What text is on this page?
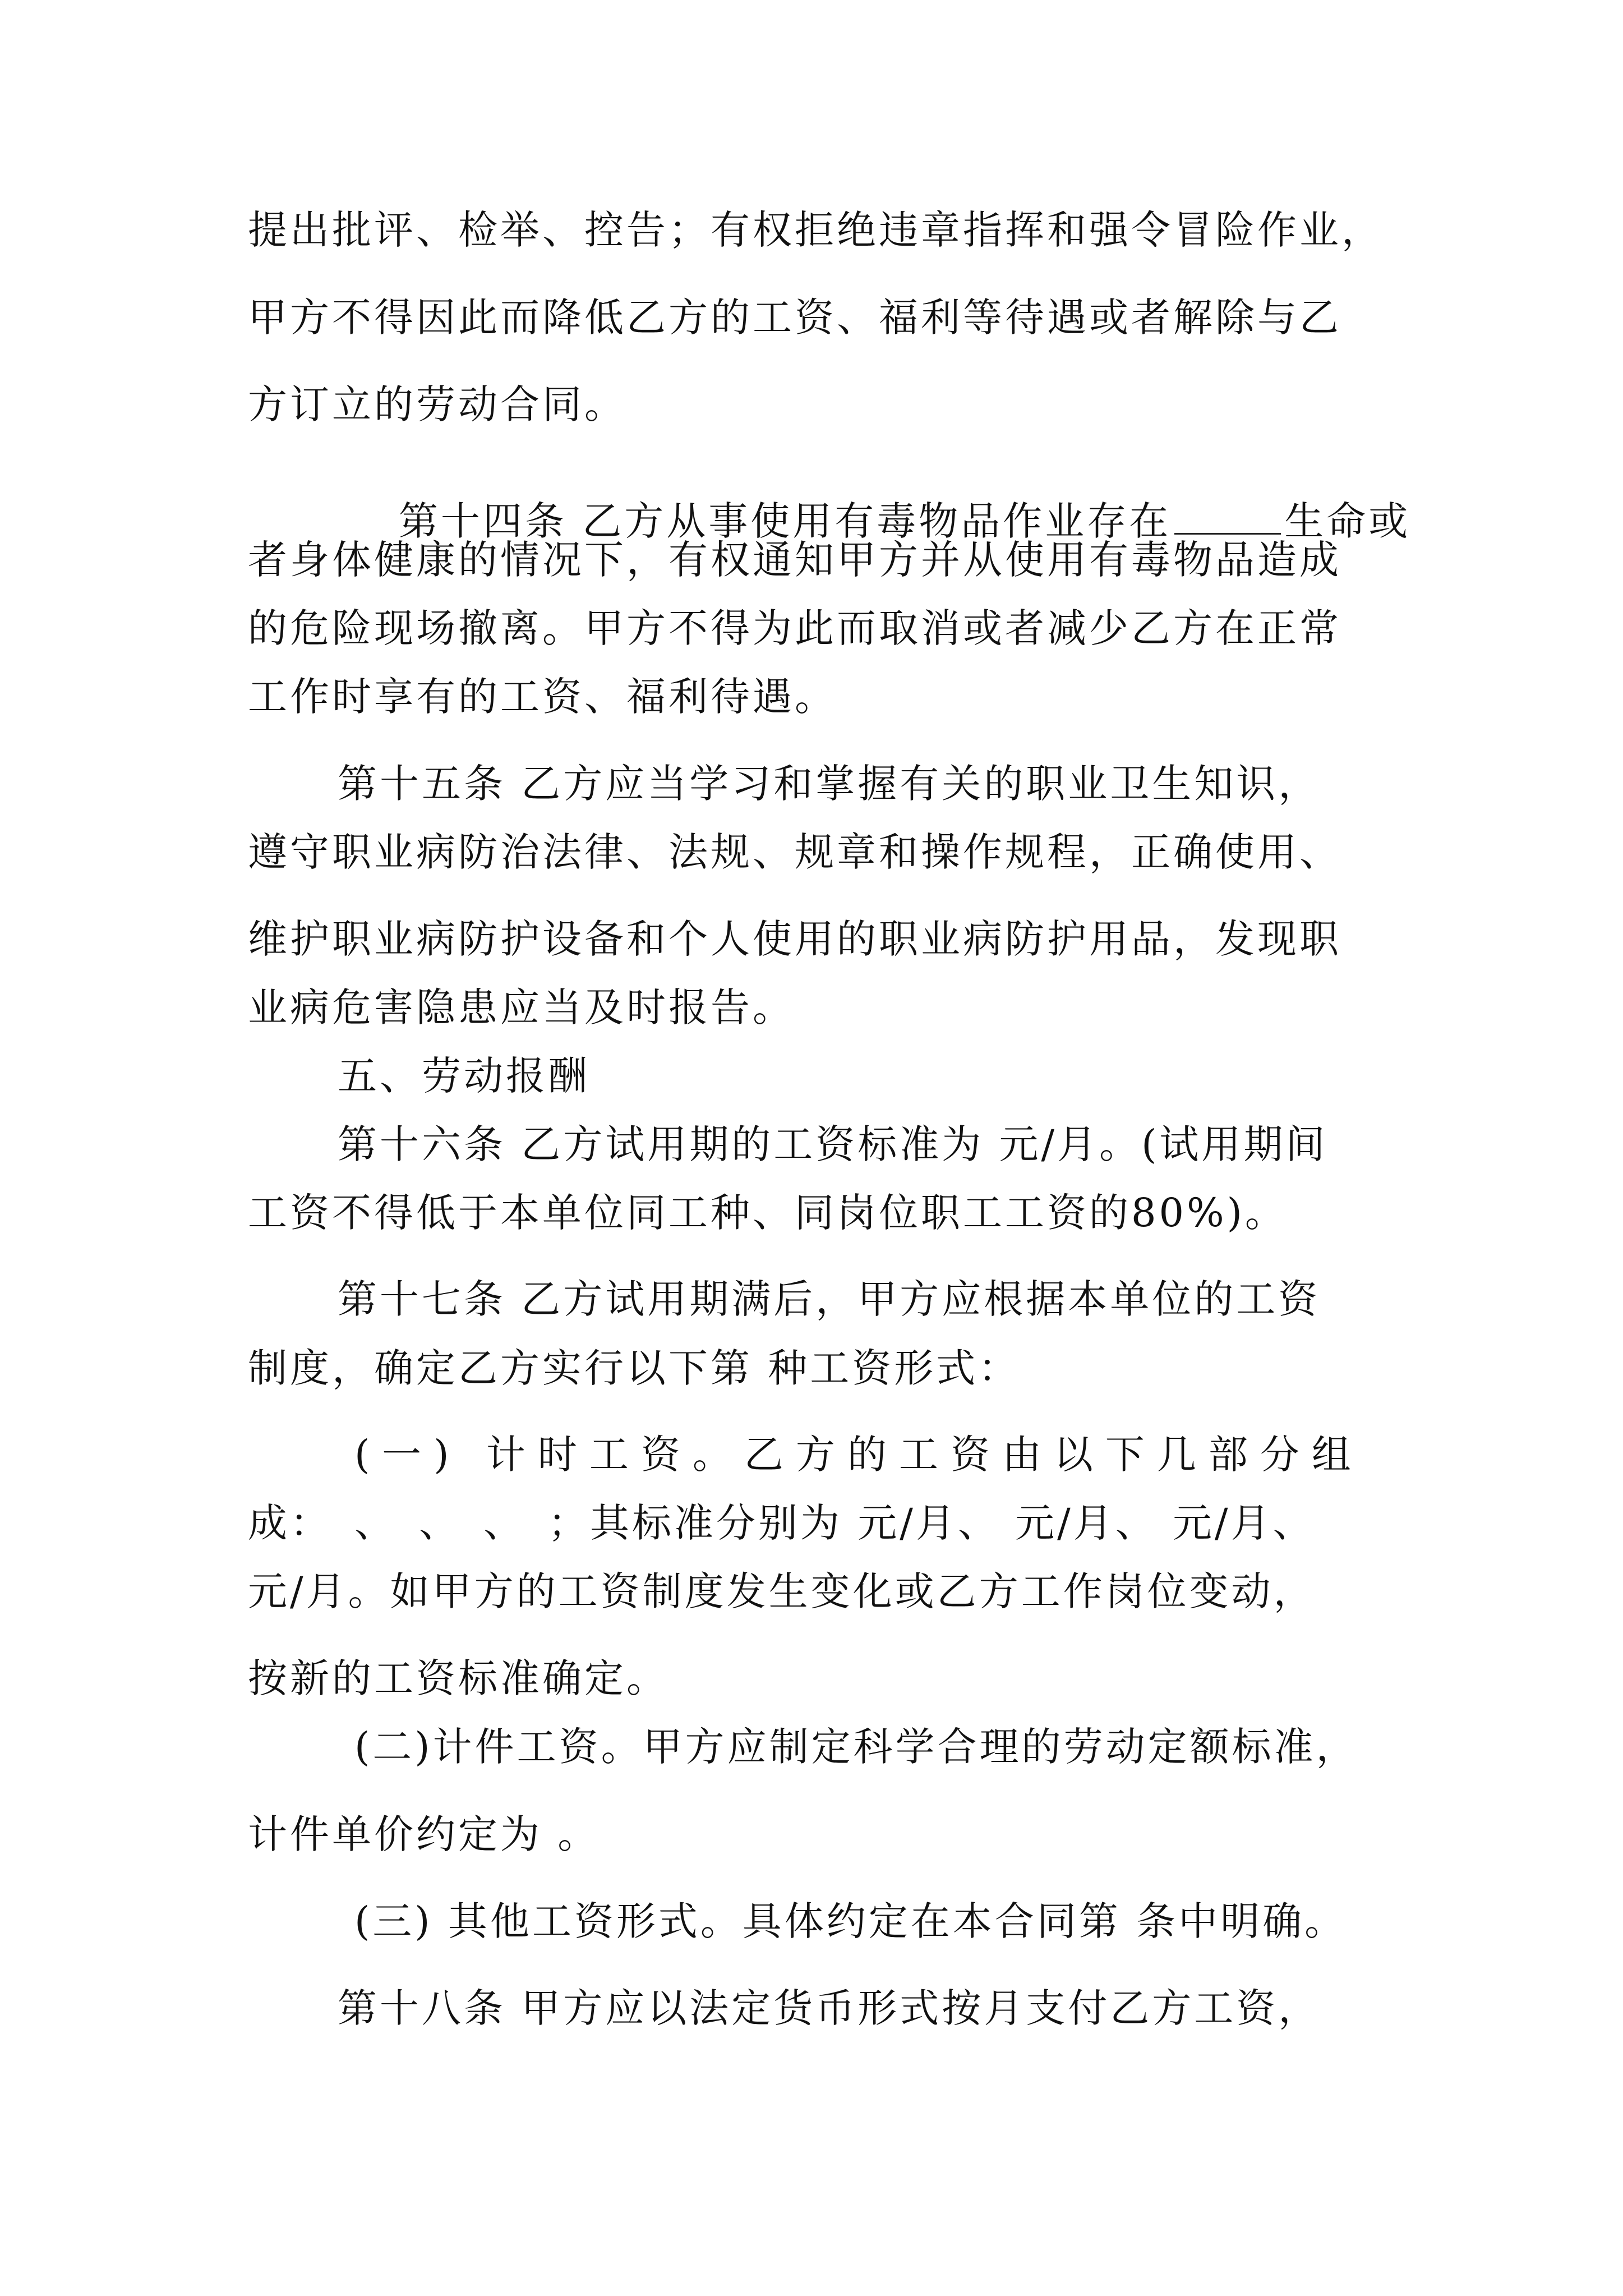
提出批评、检举、控告；有权拒绝违章指挥和强令冒险作业，
甲方不得因此而降低乙方的工资、福利等待遇或者解除与乙
方订立的劳动合同。

第十四条 乙方从事使用有毒物品作业存在	生命或

者身体健康的情况下，有权通知甲方并从使用有毒物品造成
的危险现场撤离。甲方不得为此而取消或者减少乙方在正常
工作时享有的工资、福利待遇。
第十五条 乙方应当学习和掌握有关的职业卫生知识，
遵守职业病防治法律、法规、规章和操作规程，正确使用、
维护职业病防护设备和个人使用的职业病防护用品，发现职
业病危害隐患应当及时报告。
五、劳动报酬
第十六条 乙方试用期的工资标准为 元/月。(试用期间
工资不得低于本单位同工种、同岗位职工工资的80%)。
第十七条 乙方试用期满后，甲方应根据本单位的工资
制度，确定乙方实行以下第 种工资形式：
(一) 计时工资。乙方的工资由以下几部分组
成：　、　、　、　；其标准分别为 元/月、 元/月、 元/月、
元/月。如甲方的工资制度发生变化或乙方工作岗位变动，
按新的工资标准确定。
(二)计件工资。甲方应制定科学合理的劳动定额标准，
计件单价约定为 。
(三) 其他工资形式。具体约定在本合同第 条中明确。
第十八条 甲方应以法定货币形式按月支付乙方工资，
